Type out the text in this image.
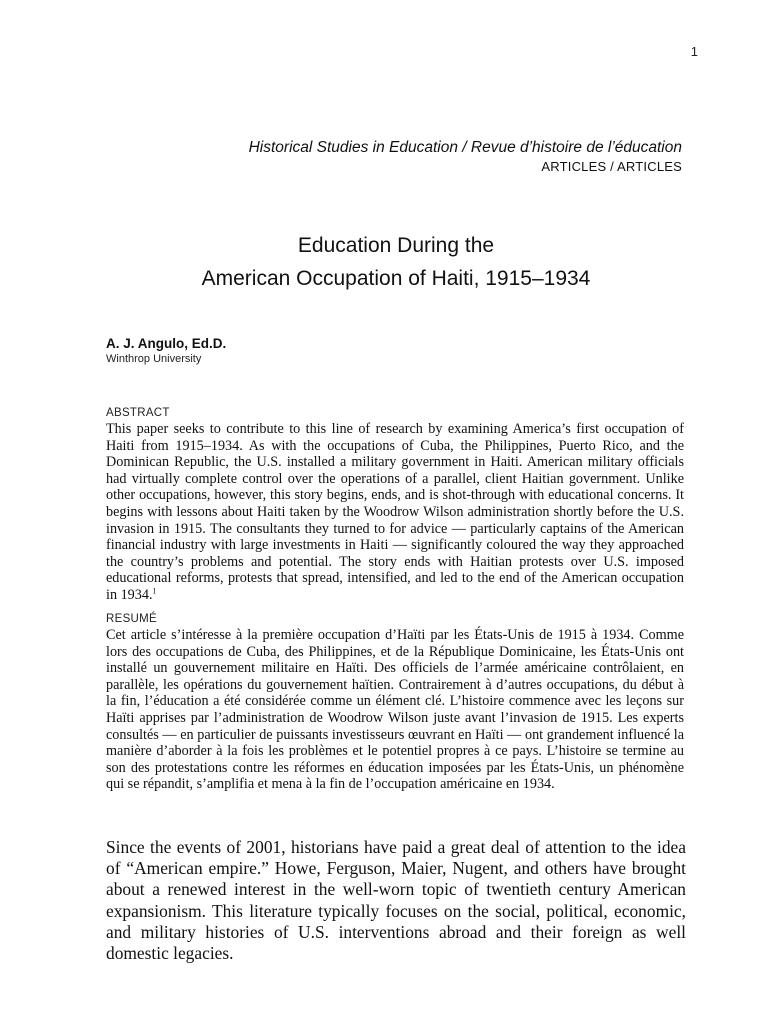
1
Historical Studies in Education / Revue d’histoire de l’éducation
ARTICLES / ARTICLES
Education During the
American Occupation of Haiti, 1915–1934
A. J. Angulo, Ed.D.
Winthrop University
ABSTRACT

This paper seeks to contribute to this line of research by examining America’s first occupation of Haiti from 1915–1934. As with the occupations of Cuba, the Philippines, Puerto Rico, and the Dominican Republic, the U.S. installed a military government in Haiti. American military officials had virtually complete control over the operations of a parallel, client Haitian government. Unlike other occupations, however, this story begins, ends, and is shot-through with educational concerns. It begins with lessons about Haiti taken by the Woodrow Wilson administration shortly before the U.S. invasion in 1915. The consultants they turned to for advice — particularly captains of the American financial industry with large investments in Haiti — significantly coloured the way they approached the country’s problems and potential. The story ends with Haitian protests over U.S. imposed educational reforms, protests that spread, intensified, and led to the end of the American occupation in 1934.$^1$

RESUMÉ

Cet article s’intéresse à la première occupation d’Haïti par les États-Unis de 1915 à 1934. Comme lors des occupations de Cuba, des Philippines, et de la République Dominicaine, les États-Unis ont installé un gouvernement militaire en Haïti. Des officiels de l’armée américaine contrôlaient, en parallèle, les opérations du gouvernement haïtien. Contrairement à d’autres occupations, du début à la fin, l’éducation a été considérée comme un élément clé. L’histoire commence avec les leçons sur Haïti apprises par l’administration de Woodrow Wilson juste avant l’invasion de 1915. Les experts consultés — en particulier de puissants investisseurs œuvrant en Haïti — ont grandement influencé la manière d’aborder à la fois les problèmes et le potentiel propres à ce pays. L’histoire se termine au son des protestations contre les réformes en éducation imposées par les États-Unis, un phénomène qui se répandit, s’amplifia et mena à la fin de l’occupation américaine en 1934.

Since the events of 2001, historians have paid a great deal of attention to the idea of “American empire.” Howe, Ferguson, Maier, Nugent, and others have brought about a renewed interest in the well-worn topic of twentieth century American expansionism. This literature typically focuses on the social, political, economic, and military histories of U.S. interventions abroad and their foreign as well domestic legacies.
